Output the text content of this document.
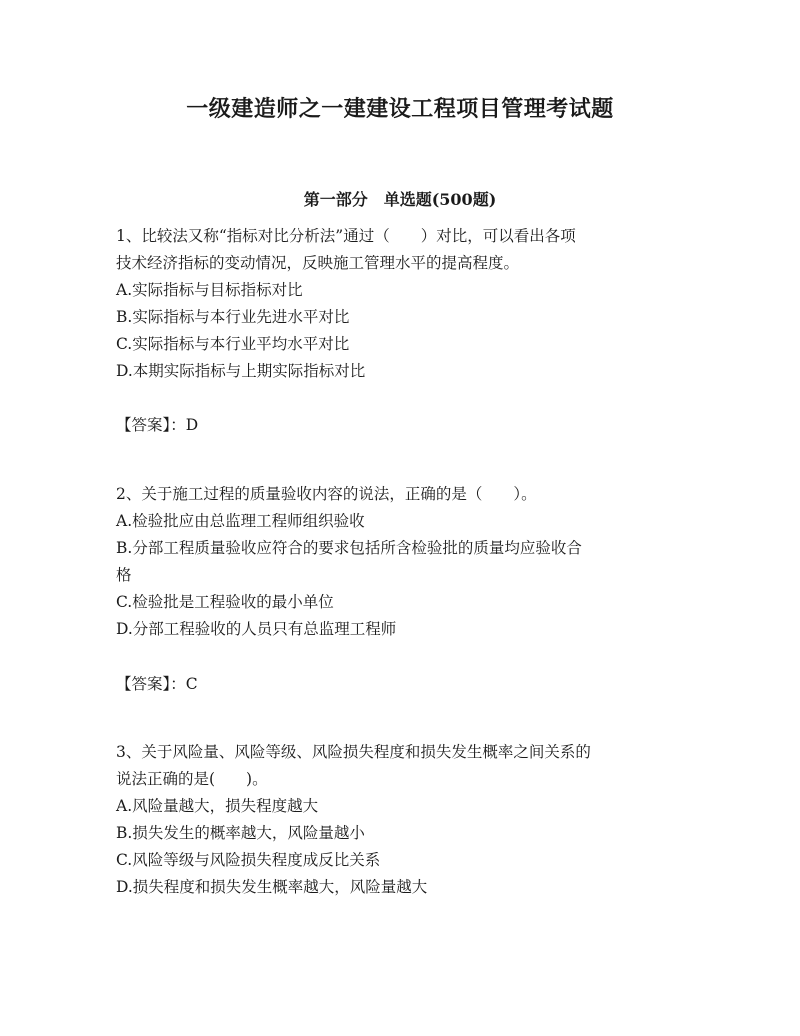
一级建造师之一建建设工程项目管理考试题
第一部分　单选题(500题)
1、比较法又称“指标对比分析法”通过（　　）对比，可以看出各项
技术经济指标的变动情况，反映施工管理水平的提高程度。
A.实际指标与目标指标对比
B.实际指标与本行业先进水平对比
C.实际指标与本行业平均水平对比
D.本期实际指标与上期实际指标对比
【答案】：D
2、关于施工过程的质量验收内容的说法，正确的是（　　）。
A.检验批应由总监理工程师组织验收
B.分部工程质量验收应符合的要求包括所含检验批的质量均应验收合
格
C.检验批是工程验收的最小单位
D.分部工程验收的人员只有总监理工程师
【答案】：C
3、关于风险量、风险等级、风险损失程度和损失发生概率之间关系的
说法正确的是(　　)。
A.风险量越大，损失程度越大
B.损失发生的概率越大，风险量越小
C.风险等级与风险损失程度成反比关系
D.损失程度和损失发生概率越大，风险量越大
